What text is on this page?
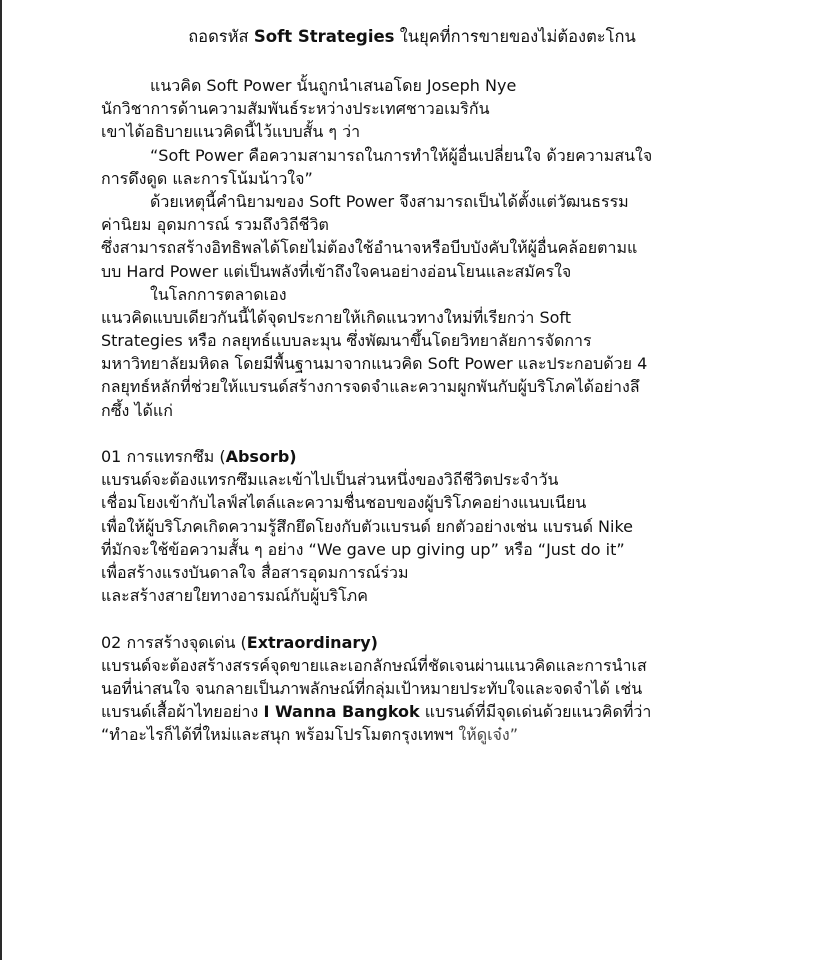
ถอดรหัส Soft Strategies ในยุคที่การขายของไม่ต้องตะโกน
แนวคิด Soft Power นั้นถูกนำเสนอโดย Joseph Nye
นักวิชาการด้านความสัมพันธ์ระหว่างประเทศชาวอเมริกัน
เขาได้อธิบายแนวคิดนี้ไว้แบบสั้น ๆ ว่า
“Soft Power คือความสามารถในการทำให้ผู้อื่นเปลี่ยนใจ ด้วยความสนใจ
การดึงดูด และการโน้มน้าวใจ”
ด้วยเหตุนี้คำนิยามของ Soft Power จึงสามารถเป็นได้ตั้งแต่วัฒนธรรม
ค่านิยม อุดมการณ์ รวมถึงวิถีชีวิต
ซึ่งสามารถสร้างอิทธิพลได้โดยไม่ต้องใช้อำนาจหรือบีบบังคับให้ผู้อื่นคล้อยตามแ
บบ Hard Power แต่เป็นพลังที่เข้าถึงใจคนอย่างอ่อนโยนและสมัครใจ
ในโลกการตลาดเอง
แนวคิดแบบเดียวกันนี้ได้จุดประกายให้เกิดแนวทางใหม่ที่เรียกว่า Soft
Strategies หรือ กลยุทธ์แบบละมุน ซึ่งพัฒนาขึ้นโดยวิทยาลัยการจัดการ
มหาวิทยาลัยมหิดล โดยมีพื้นฐานมาจากแนวคิด Soft Power และประกอบด้วย 4
กลยุทธ์หลักที่ช่วยให้แบรนด์สร้างการจดจำและความผูกพันกับผู้บริโภคได้อย่างลึ
กซึ้ง ได้แก่
01 การแทรกซึม (Absorb)
แบรนด์จะต้องแทรกซึมและเข้าไปเป็นส่วนหนึ่งของวิถีชีวิตประจำวัน
เชื่อมโยงเข้ากับไลฟ์สไตล์และความชื่นชอบของผู้บริโภคอย่างแนบเนียน
เพื่อให้ผู้บริโภคเกิดความรู้สึกยึดโยงกับตัวแบรนด์ ยกตัวอย่างเช่น แบรนด์ Nike
ที่มักจะใช้ข้อความสั้น ๆ อย่าง “We gave up giving up” หรือ “Just do it”
เพื่อสร้างแรงบันดาลใจ สื่อสารอุดมการณ์ร่วม
และสร้างสายใยทางอารมณ์กับผู้บริโภค
02 การสร้างจุดเด่น (Extraordinary)
แบรนด์จะต้องสร้างสรรค์จุดขายและเอกลักษณ์ที่ชัดเจนผ่านแนวคิดและการนำเส
นอที่น่าสนใจ จนกลายเป็นภาพลักษณ์ที่กลุ่มเป้าหมายประทับใจและจดจำได้ เช่น
แบรนด์เสื้อผ้าไทยอย่าง I Wanna Bangkok แบรนด์ที่มีจุดเด่นด้วยแนวคิดที่ว่า
“ทำอะไรก็ได้ที่ใหม่และสนุก พร้อมโปรโมตกรุงเทพฯ ให้ดูเจ๋ง”
